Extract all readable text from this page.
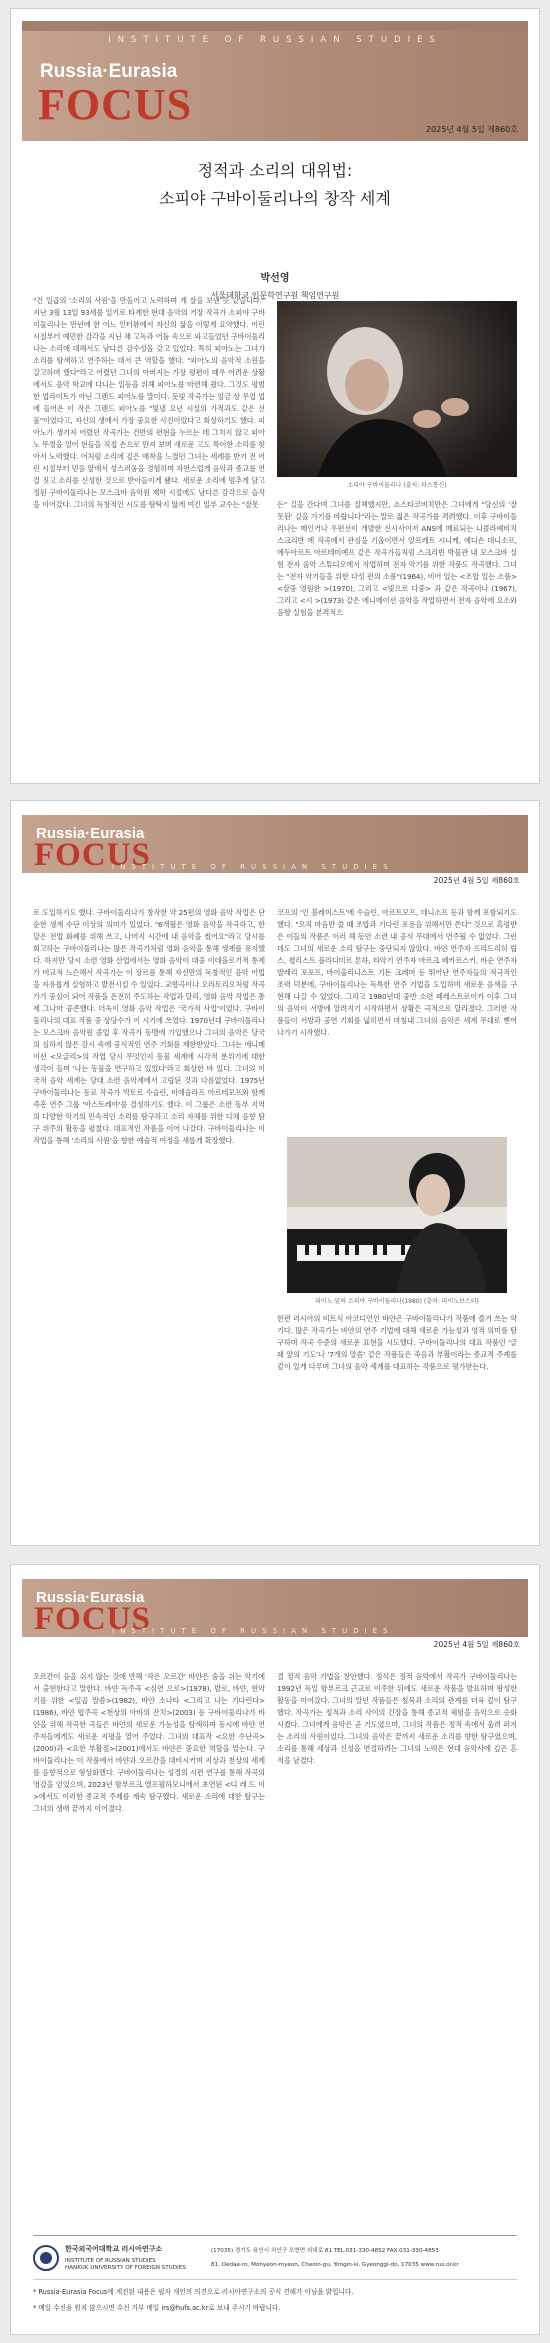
INSTITUTE OF RUSSIAN STUDIES
Russia·Eurasia
FOCUS
2025년 4월 5일 제860호
정적과 소리의 대위법:
소피야 구바이둘리나의 창작 세계
박선영
서울대학교 인문학연구원 책임연구원
"건 일곱의 '소리의 사원'을 만들어고 노력하며 게 살을 보낸 곳 같습니다." 지난 3월 13일 93세를 일기로 타계한 현대 음악의 거장 작곡가 소피야 구바이둘리나는 만년에 한 어느 인터뷰에서 자신의 삶을 이렇게 요약했다. 어린 시절부터 예민한 감각을 지닌 채 고독과 어둠 속으로 파고들었던 구바이둘리나는 소리에 대해서도 남다른 감수성을 갖고 있었다. 특히 피아노는 그녀가 소리를 탐색하고 연주하는 대서 큰 역할을 했다. "피아노의 음악적 소원을 갈고하며 했다"라고 어렸던 그녀의 아버지는 가장 평편이 매우 어려운 상황에서도 음악 학교에 다니는 일등을 위해 피아노를 마련해 줬다. 그것도 평범한 업라이트가 아닌 그랜드 피아노를 말이다. 듯빛 작곡가는 엄금 상 무엽 업에 들어온 이 작은 그랜드 피아노를 "빛낼 요년 시설의 가적과도 같은 선물"이었다고, 자신의 생에서 가장 중요한 사건이었다고 회상하기도 했다. 피아노가 생기자 어렸던 작곡가는 건반의 편현을 누르는 데 그치지 않고 피아노 뚜껑을 열어 현들을 직접 손으로 만져 보며 새로운 고도 특이한 소리를 찾아서 노력했다. 어처럼 소리에 깊은 애착을 느꼈던 그녀는 세례를 받기 전 어린 시절부터 믿음 앞에서 성스러움을 경험하며 자연스럽게 음악과 종교를 연결 짓고 소리를 신성한 것으로 받아들이게 됐다. 새로운 소리에 멈추게 담고정된 구바이둘리나는 모스크바 음악원 재학 시절에도 남다른 감각으로 습작을 이어갔다. 그녀의 독창적인 시도를 탐탁지 않게 여긴 일부 교수는 "잘못
소피야 구바이둘리나 (출처: 타스통신)
든" 길을 간다며 그녀를 질책했지만, 쇼스타코비치만은 그녀에게 "당신의 '잘못된' 길을 가기를 바랍니다"라는 말로 젊은 작곡가를 격려했다. 이후 구바이둘리나는 메인거나 우편선이 개발한 신시사이저 ANS에 매료되는 니콜라예비치 스크리반 에 작곡에서 관심을 기울이면서 알프레트 시니케, 에디손 데니소프, 에두아르트 아르테미예프 같은 작곡가들처럼 스크리빈 박물관 내 모스크바 실험 전자 음악 스튜디오에서 작업하며 전자 악기를 위한 작품도 작곡했다. 그녀는 "전자 악기들을 위한 다섯 편의 소품"(1964), 비어 있는 <조합 있는 소품><삼중 영원한 >(1970), 그리고 <빛으로 다중> 과 같은 작곡이나 (1967), 그리고 <시 >(1973) 같은 에니메이션 음악을 작업하면서 전자 음악에 요소와 음향 실험을 본격적으
Russia·Eurasia
FOCUS
INSTITUTE OF RUSSIAN STUDIES
2025년 4월 5일 제860호
로 도입하기도 했다. 구바이둘리나가 창작한 약 25편의 영화 음악 작업은 단순한 생계 수단 이상의 의미가 있었다. "6개월은 영화 음악을 작곡하고, 한 달은 전업 화폐를 위해 쓰고, 나머지 시간에 내 음악을 썼어요"라고 당시를 회고하는 구바이둘리나는 많은 작곡가처럼 영화 음악을 통해 생계를 유지했다. 하지만 당시 소련 영화 산업에서는 영화 음악이 대중 이데올로기적 통제가 비교적 느슨해서 작곡가는 이 장르를 통해 자신만의 독창적인 음악 어법을 자유롭게 실험하고 발전시킬 수 있었다. 교향곡이나 오라토리오처럼 작곡가가 중심이 되어 작품을 온전히 주도하는 작업과 달리, 영화 음악 작업은 통제 그나마 공존했다. 더욱이 영화 음악 작업은 '국가적 사업'이었다. 구바이둘리나의 대표 작품 중 상당수가 이 시기에 쓰였다. 1970년대 구바이둘리나는 모스크바 음악원 졸업 후 작곡가 동맹에 가입했으나 그녀의 음악은 당국의 심하지 않은 감시 속에 공식적인 연주 기회를 제한받았다. 그녀는 에니메이션 <모글리>의 작업 당시 무엇인지 동물 세계에 시각적 분위기에 대한 생각이 들며 '나는 동물을 연구하고 있었다'라고 회상한 바 있다. 그녀의 이국적 음악 세계는 당대 소련 음악계에서 고립된 것과 다름없었다. 1975년 구바이둘리나는 동료 작곡가 빅토르 수슬린, 비에슬라프 아르테모프와 함께 즉흥 연주 그룹 '아스트레야'를 결성하기도 했다. 이 그룹은 소련 동부 지역의 다양한 악기의 민속적인 소리를 탐구하고 소리 자체를 위한 다채 음향 탐구 위주의 활동을 펼쳤다. 대표적인 작품을 이어 나갔다. 구바이둘리나는 이 작업을 통해 '소리의 사원'을 향한 예술적 여정을 새롭게 확장했다.
코프의 '인 블레미스트'에 수슬린, 아르트모프, 데니소프 등과 함께 포함되기도 했다. "오직 마음만 쓸 때 조합과 기다린 포용을 위해서만 쓴다" 것으로 혹평받은 이들의 작품은 이러 해 동안 소련 내 공식 무대에서 연주될 수 없었다. 그런데도 그녀의 새로운 소리 탐구는 중단되지 않았다. 바얀 연주자 프리드리히 립스, 첼리스트 블라디미르 톤하, 타악기 연주자 마르크 페카르스키, 바순 연주자 발레리 포포프, 바이올리니스트 기돈 크레머 등 뛰어난 연주자들의 적극적인 조력 덕분에, 구바이둘리나는 독특한 연주 기법을 도입하며 새로운 음색을 구현해 나갈 수 있었다. 그리고 1980년대 중반 소련 페레스트로이카 이후 그녀의 음악이 서방에 알려지기 시작하면서 상황은 극적으로 달라졌다. 그러한 작품들이 서방과 공연 기회를 넓히면서 마침내 그녀의 음악은 세계 무대로 뻗어나가기 시작했다.
피아노 앞의 소피야 구바이둘리나(1980) (출처: 라이노보스티)
한편 러시아의 비트식 아코디언인 바얀은 구바이둘리나가 작품에 즐겨 쓰는 악기다. 많은 작곡가는 바얀의 연주 기법에 대해 새로운 가능성과 영적 의미를 탐구하며 작곡 수준의 새로운 표현을 시도했다. 구바이둘리나의 대표 작품인 '글래 앞의 기도'나 '7개의 말씀' 같은 작품들은 죽음과 부활이라는 종교적 주제를 깊이 있게 다루며 그녀의 음악 세계를 대표하는 작품으로 평가받는다.
Russia·Eurasia
FOCUS
INSTITUTE OF RUSSIAN STUDIES
2025년 4월 5일 제860호
오르간이 음을 쉬지 않는 것에 반해 '작은 오르간' 바얀은 숨을 쉬는 악기에서 출현한다고 말한다. 바얀 독주곡 <심연 으로>(1978), 발로, 바얀, 현악기를 위한 <일곱 말씀>(1982), 바얀 소나타 <그리고 나는 기다린다>(1986), 바얀 협주곡 <천상의 아바의 잔치>(2003) 등 구바이둘리나가 바얀을 위해 작곡한 곡들은 바얀의 새로운 가능성을 탐색하며 동시에 바얀 연주자들에게도 새로운 지평을 열어 주었다. 그녀의 대표작 <요한 수난곡>(2000)과 <요한 부활절>(2001)에서도 바얀은 중요한 역할을 맡는다. 구바이둘리나는 이 작품에서 바얀과 오르간을 대비시키며 지상과 천상의 세계를 음향적으로 형상화했다. 구바이둘리나는 성경의 시편 연구를 통해 작곡의 영감을 얻었으며, 2023년 함부르크 엘프필하모니에서 초연된 <디 레 드 이>에서도 이러한 종교적 주제를 계속 탐구했다. 새로운 소리에 대한 탐구는 그녀의 생애 끝까지 이어졌다.
결 정적 음악 기법을 창안했다. 정석은 정적 음악에서 작곡가 구바이둘리나는 1992년 독일 함부르크 근교로 이주한 뒤에도 새로운 작품을 발표하며 왕성한 활동을 이어갔다. 그녀의 말년 작품들은 침묵과 소리의 관계를 더욱 깊이 탐구했다. 작곡가는 정적과 소리 사이의 긴장을 통해 종교적 체험을 음악으로 승화시켰다. 그녀에게 음악은 곧 기도였으며, 그녀의 작품은 정적 속에서 울려 퍼지는 소리의 사원이었다. 그녀의 음악은 끝까지 새로운 소리를 향한 탐구였으며, 소리를 통해 세상과 신성을 연결하려는 그녀의 노력은 현대 음악사에 깊은 흔적을 남겼다.
한국외국어대학교 러시아연구소
INSTITUTE OF RUSSIAN STUDIES
HANKUK UNIVERSITY OF FOREIGN STUDIES
(17035) 경기도 용인시 처인구 모현면 외대로 81 TEL.031-330-4852 FAX.031-330-4853
81, Oedae-ro, Mohyeon-myeon, Cheoin-gu, Yongin-si, Gyeonggi-do, 17035 www.rus.or.kr
* Russia-Eurasia Focus에 게진된 내용은 필자 개인의 의견으로 러시아연구소의 공식 견해가 아님을 밝힙니다.
* 메일 수신을 원치 않으시면 수신 거부 메일 irs@hufs.ac.kr로 보내 주시기 바랍니다.
